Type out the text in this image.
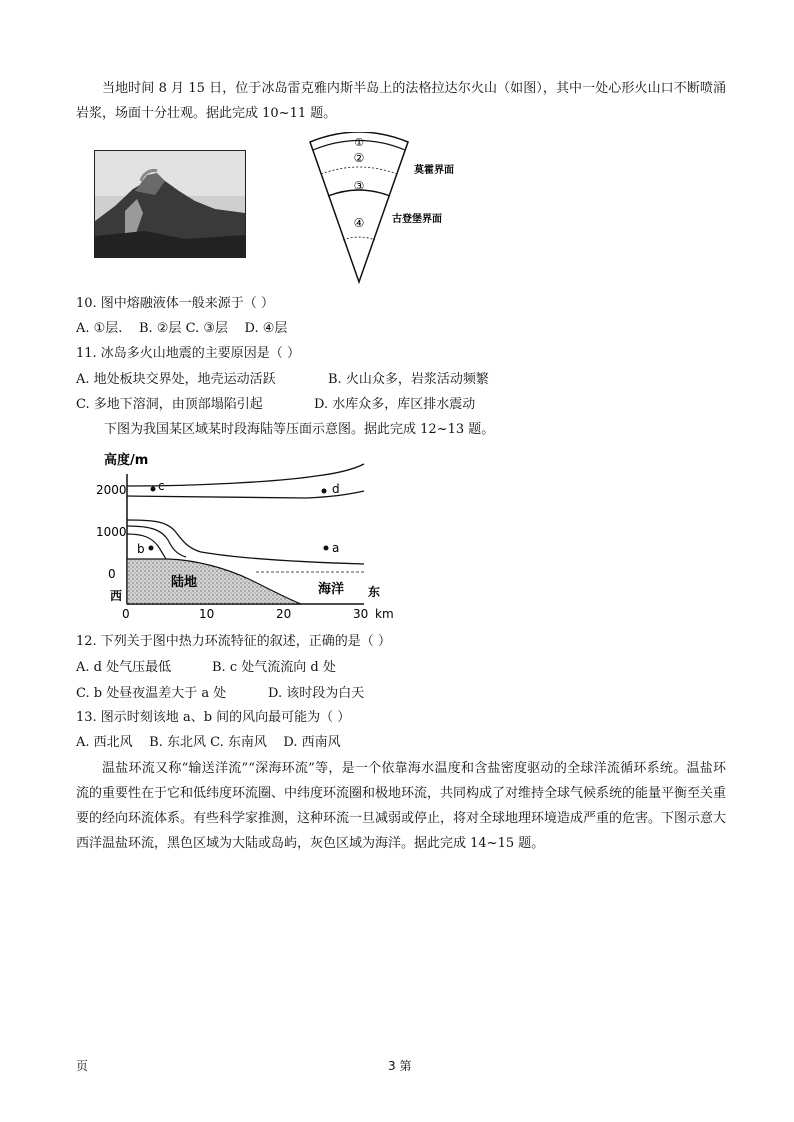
当地时间 8 月 15 日，位于冰岛雷克雅内斯半岛上的法格拉达尔火山（如图），其中一处心形火山口不断喷涌岩浆，场面十分壮观。据此完成 10~11 题。
①
②
③
④
莫霍界面
古登堡界面
10. 图中熔融液体一般来源于（ ）
A. ①层.    B. ②层 C. ③层    D. ④层
11. 冰岛多火山地震的主要原因是（ ）
A. 地处板块交界处，地壳运动活跃	B. 火山众多，岩浆活动频繁
C. 多地下溶洞，由顶部塌陷引起	D. 水库众多，库区排水震动
下图为我国某区域某时段海陆等压面示意图。据此完成 12~13 题。
高度/m
2000
1000
0
c	d
b	a
陆地	海洋
西	东
0	10	20	30 km
12. 下列关于图中热力环流特征的叙述，正确的是（ ）
A. d 处气压最低	B. c 处气流流向 d 处
C. b 处昼夜温差大于 a 处	D. 该时段为白天
13. 图示时刻该地 a、b 间的风向最可能为（ ）
A. 西北风    B. 东北风 C. 东南风    D. 西南风
温盐环流又称“输送洋流”“深海环流”等，是一个依靠海水温度和含盐密度驱动的全球洋流循环系统。温盐环流的重要性在于它和低纬度环流圈、中纬度环流圈和极地环流，共同构成了对维持全球气候系统的能量平衡至关重要的经向环流体系。有些科学家推测，这种环流一旦减弱或停止，将对全球地理环境造成严重的危害。下图示意大西洋温盐环流，黑色区域为大陆或岛屿，灰色区域为海洋。据此完成 14~15 题。
页	3 第
